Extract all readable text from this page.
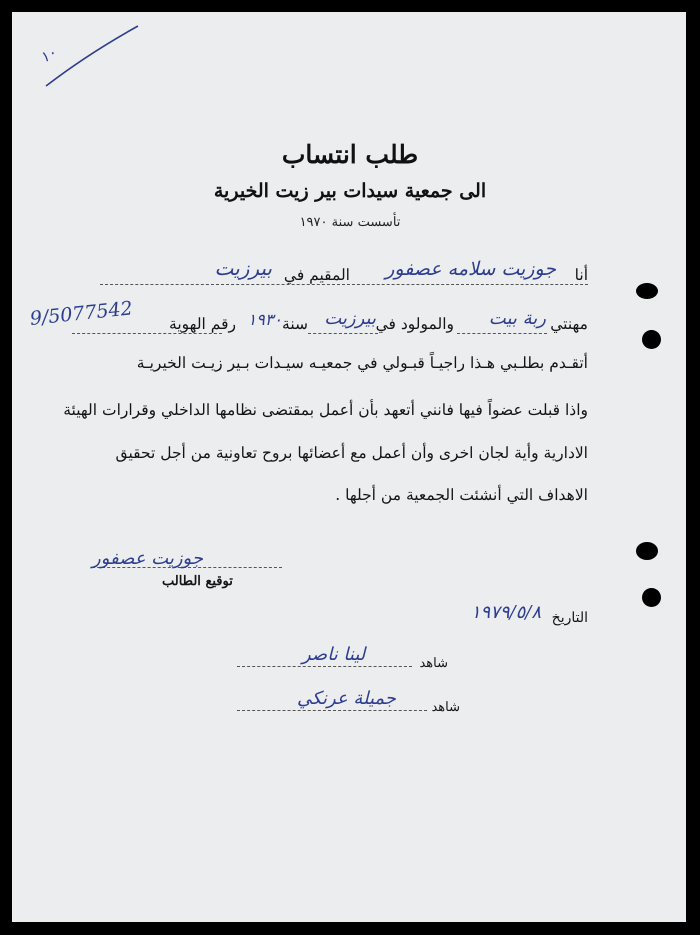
١٠
طلب انتساب
الى جمعية سيدات بير زيت الخيرية
تأسست سنة ١٩٧٠
أنا
جوزيت سلامه عصفور
المقيم في
بيرزيت
مهنتي
ربة بيت
والمولود في
بيرزيت
سنة
١٩٣٠
رقم الهوية
9/5077542
أتقـدم بطلـبي هـذا راجيـاً قبـولي في جمعيـه سيـدات بـير زيـت الخيريـة
واذا قبلت عضواً فيها فانني أتعهد بأن أعمل بمقتضى نظامها الداخلي وقرارات الهيئة
الادارية وأية لجان اخرى وأن أعمل مع أعضائها بروح تعاونية من أجل تحقيق
الاهداف التي أنشئت الجمعية من أجلها .
جوزيت عصفور
توقيع الطالب
التاريخ
١٩٧٩/٥/٨
شاهد
لينا ناصر
شاهد
جميلة عرنكي
